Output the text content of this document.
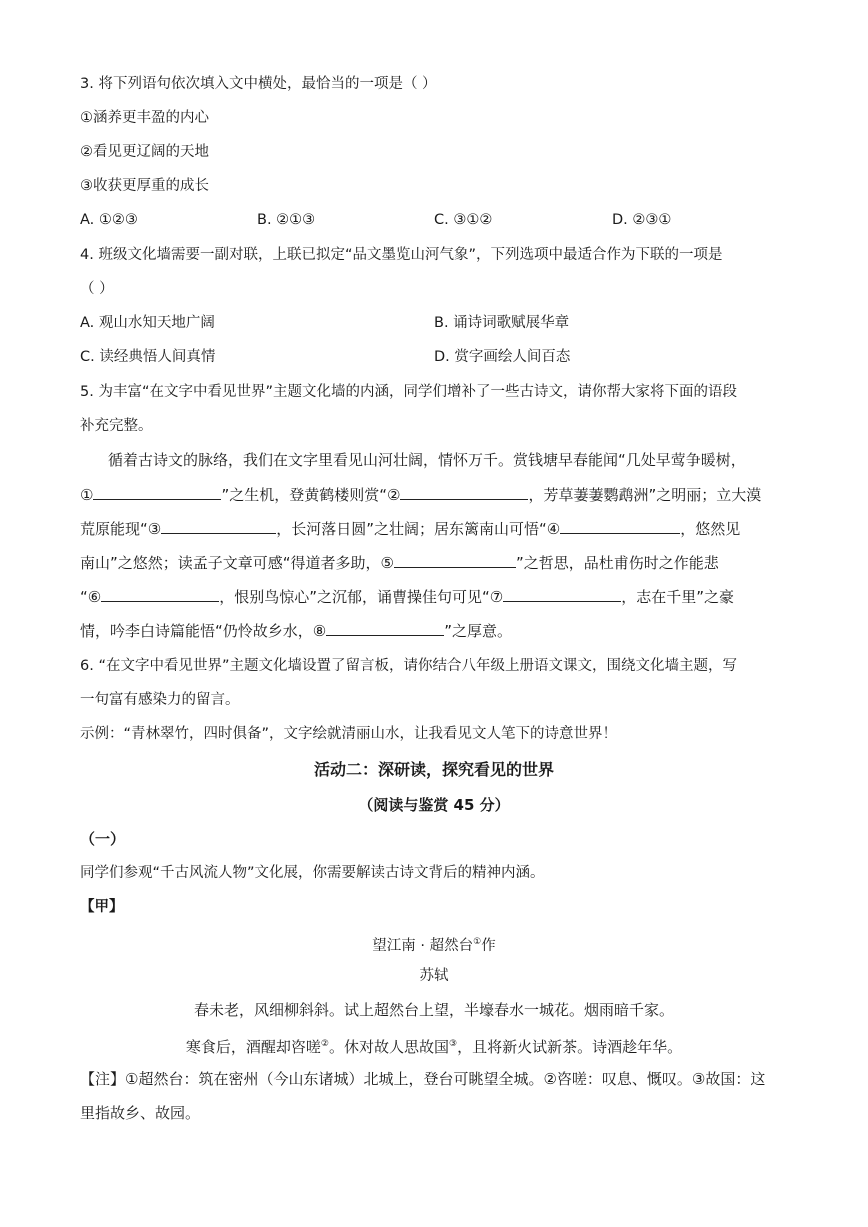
3. 将下列语句依次填入文中横处，最恰当的一项是（ ）
①涵养更丰盈的内心
②看见更辽阔的天地
③收获更厚重的成长
A. ①②③	B. ②①③	C. ③①②	D. ②③①
4. 班级文化墙需要一副对联，上联已拟定“品文墨览山河气象”，下列选项中最适合作为下联的一项是
（ ）
A. 观山水知天地广阔	B. 诵诗词歌赋展华章
C. 读经典悟人间真情	D. 赏字画绘人间百态
5. 为丰富“在文字中看见世界”主题文化墙的内涵，同学们增补了一些古诗文，请你帮大家将下面的语段
补充完整。
循着古诗文的脉络，我们在文字里看见山河壮阔，情怀万千。赏钱塘早春能闻“几处早莺争暖树，
①	”之生机，登黄鹤楼则赏“②	，芳草萋萋鹦鹉洲”之明丽；立大漠
荒原能现“③	，长河落日圆”之壮阔；居东篱南山可悟“④	，悠然见
南山”之悠然；读孟子文章可感“得道者多助，⑤	”之哲思，品杜甫伤时之作能悲
“⑥	，恨别鸟惊心”之沉郁，诵曹操佳句可见“⑦	，志在千里”之豪
情，吟李白诗篇能悟“仍怜故乡水，⑧	”之厚意。
6. “在文字中看见世界”主题文化墙设置了留言板，请你结合八年级上册语文课文，围绕文化墙主题，写
一句富有感染力的留言。
示例：“青林翠竹，四时俱备”，文字绘就清丽山水，让我看见文人笔下的诗意世界！
活动二：深研读，探究看见的世界
（阅读与鉴赏 45 分）
（一）
同学们参观“千古风流人物”文化展，你需要解读古诗文背后的精神内涵。
【甲】
望江南 · 超然台①作
苏轼
春未老，风细柳斜斜。试上超然台上望，半壕春水一城花。烟雨暗千家。
寒食后，酒醒却咨嗟②。休对故人思故国③，且将新火试新茶。诗酒趁年华。
【注】①超然台：筑在密州（今山东诸城）北城上，登台可眺望全城。②咨嗟：叹息、慨叹。③故国：这
里指故乡、故园。
